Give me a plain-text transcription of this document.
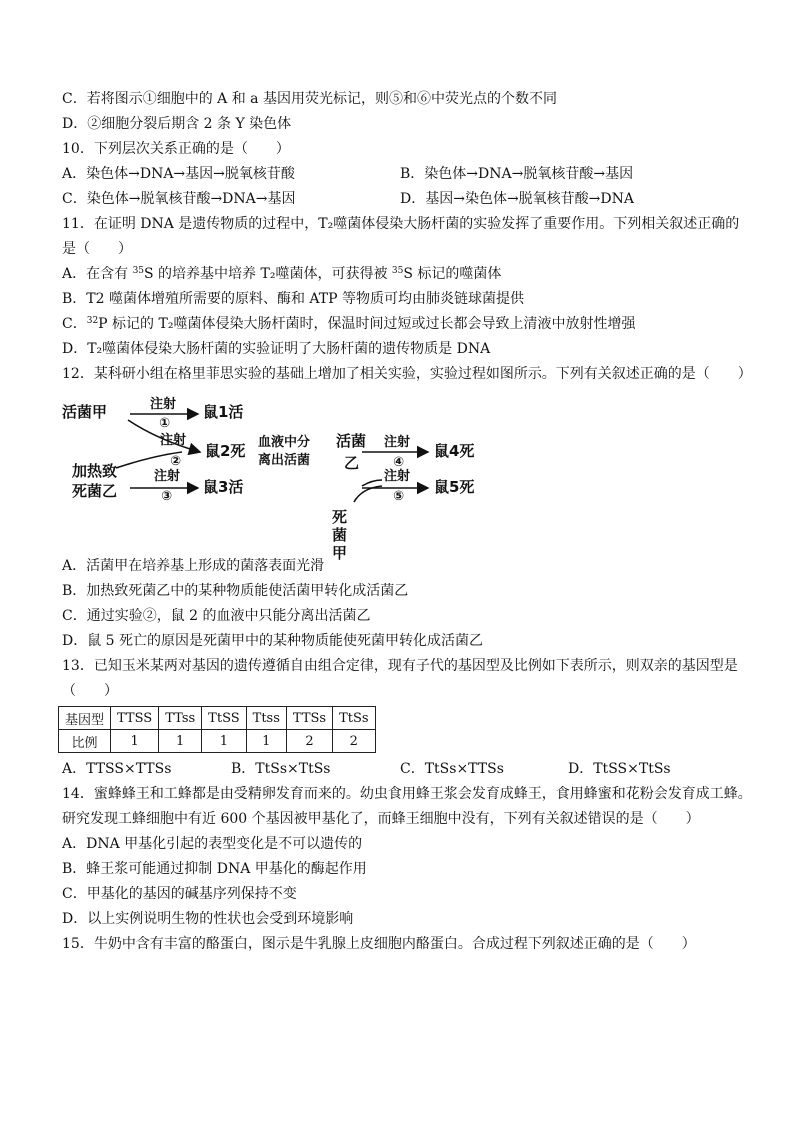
C．若将图示①细胞中的 A 和 a 基因用荧光标记，则⑤和⑥中荧光点的个数不同
D．②细胞分裂后期含 2 条 Y 染色体
10．下列层次关系正确的是（　　）
A．染色体→DNA→基因→脱氧核苷酸	B．染色体→DNA→脱氧核苷酸→基因
C．染色体→脱氧核苷酸→DNA→基因	D．基因→染色体→脱氧核苷酸→DNA
11．在证明 DNA 是遗传物质的过程中，T₂噬菌体侵染大肠杆菌的实验发挥了重要作用。下列相关叙述正确的
是（　　）
A．在含有 $^{35}$S 的培养基中培养 T₂噬菌体，可获得被 $^{35}$S 标记的噬菌体
B．T2 噬菌体增殖所需要的原料、酶和 ATP 等物质可均由肺炎链球菌提供
C．$^{32}$P 标记的 T₂噬菌体侵染大肠杆菌时，保温时间过短或过长都会导致上清液中放射性增强
D．T₂噬菌体侵染大肠杆菌的实验证明了大肠杆菌的遗传物质是 DNA
12．某科研小组在格里菲思实验的基础上增加了相关实验，实验过程如图所示。下列有关叙述正确的是（　　）
活菌甲	注射
①
鼠1活
注射
②
鼠2死 血液中分
离出活菌
活菌
乙
注射
④
鼠4死
加热致
死菌乙
注射
③
鼠3活
注射
⑤
鼠5死
死
菌
甲
A．活菌甲在培养基上形成的菌落表面光滑
B．加热致死菌乙中的某种物质能使活菌甲转化成活菌乙
C．通过实验②，鼠 2 的血液中只能分离出活菌乙
D．鼠 5 死亡的原因是死菌甲中的某种物质能使死菌甲转化成活菌乙
13．已知玉米某两对基因的遗传遵循自由组合定律，现有子代的基因型及比例如下表所示，则双亲的基因型是
（　　）
基因型	TTSS	TTss	TtSS	Ttss	TTSs	TtSs
比例	1	1	1	1	2	2
A．TTSS×TTSs	B．TtSs×TtSs	C．TtSs×TTSs	D．TtSS×TtSs
14．蜜蜂蜂王和工蜂都是由受精卵发育而来的。幼虫食用蜂王浆会发育成蜂王，食用蜂蜜和花粉会发育成工蜂。
研究发现工蜂细胞中有近 600 个基因被甲基化了，而蜂王细胞中没有，下列有关叙述错误的是（　　）
A．DNA 甲基化引起的表型变化是不可以遗传的
B．蜂王浆可能通过抑制 DNA 甲基化的酶起作用
C．甲基化的基因的碱基序列保持不变
D．以上实例说明生物的性状也会受到环境影响
15．牛奶中含有丰富的酪蛋白，图示是牛乳腺上皮细胞内酪蛋白。合成过程下列叙述正确的是（　　）
